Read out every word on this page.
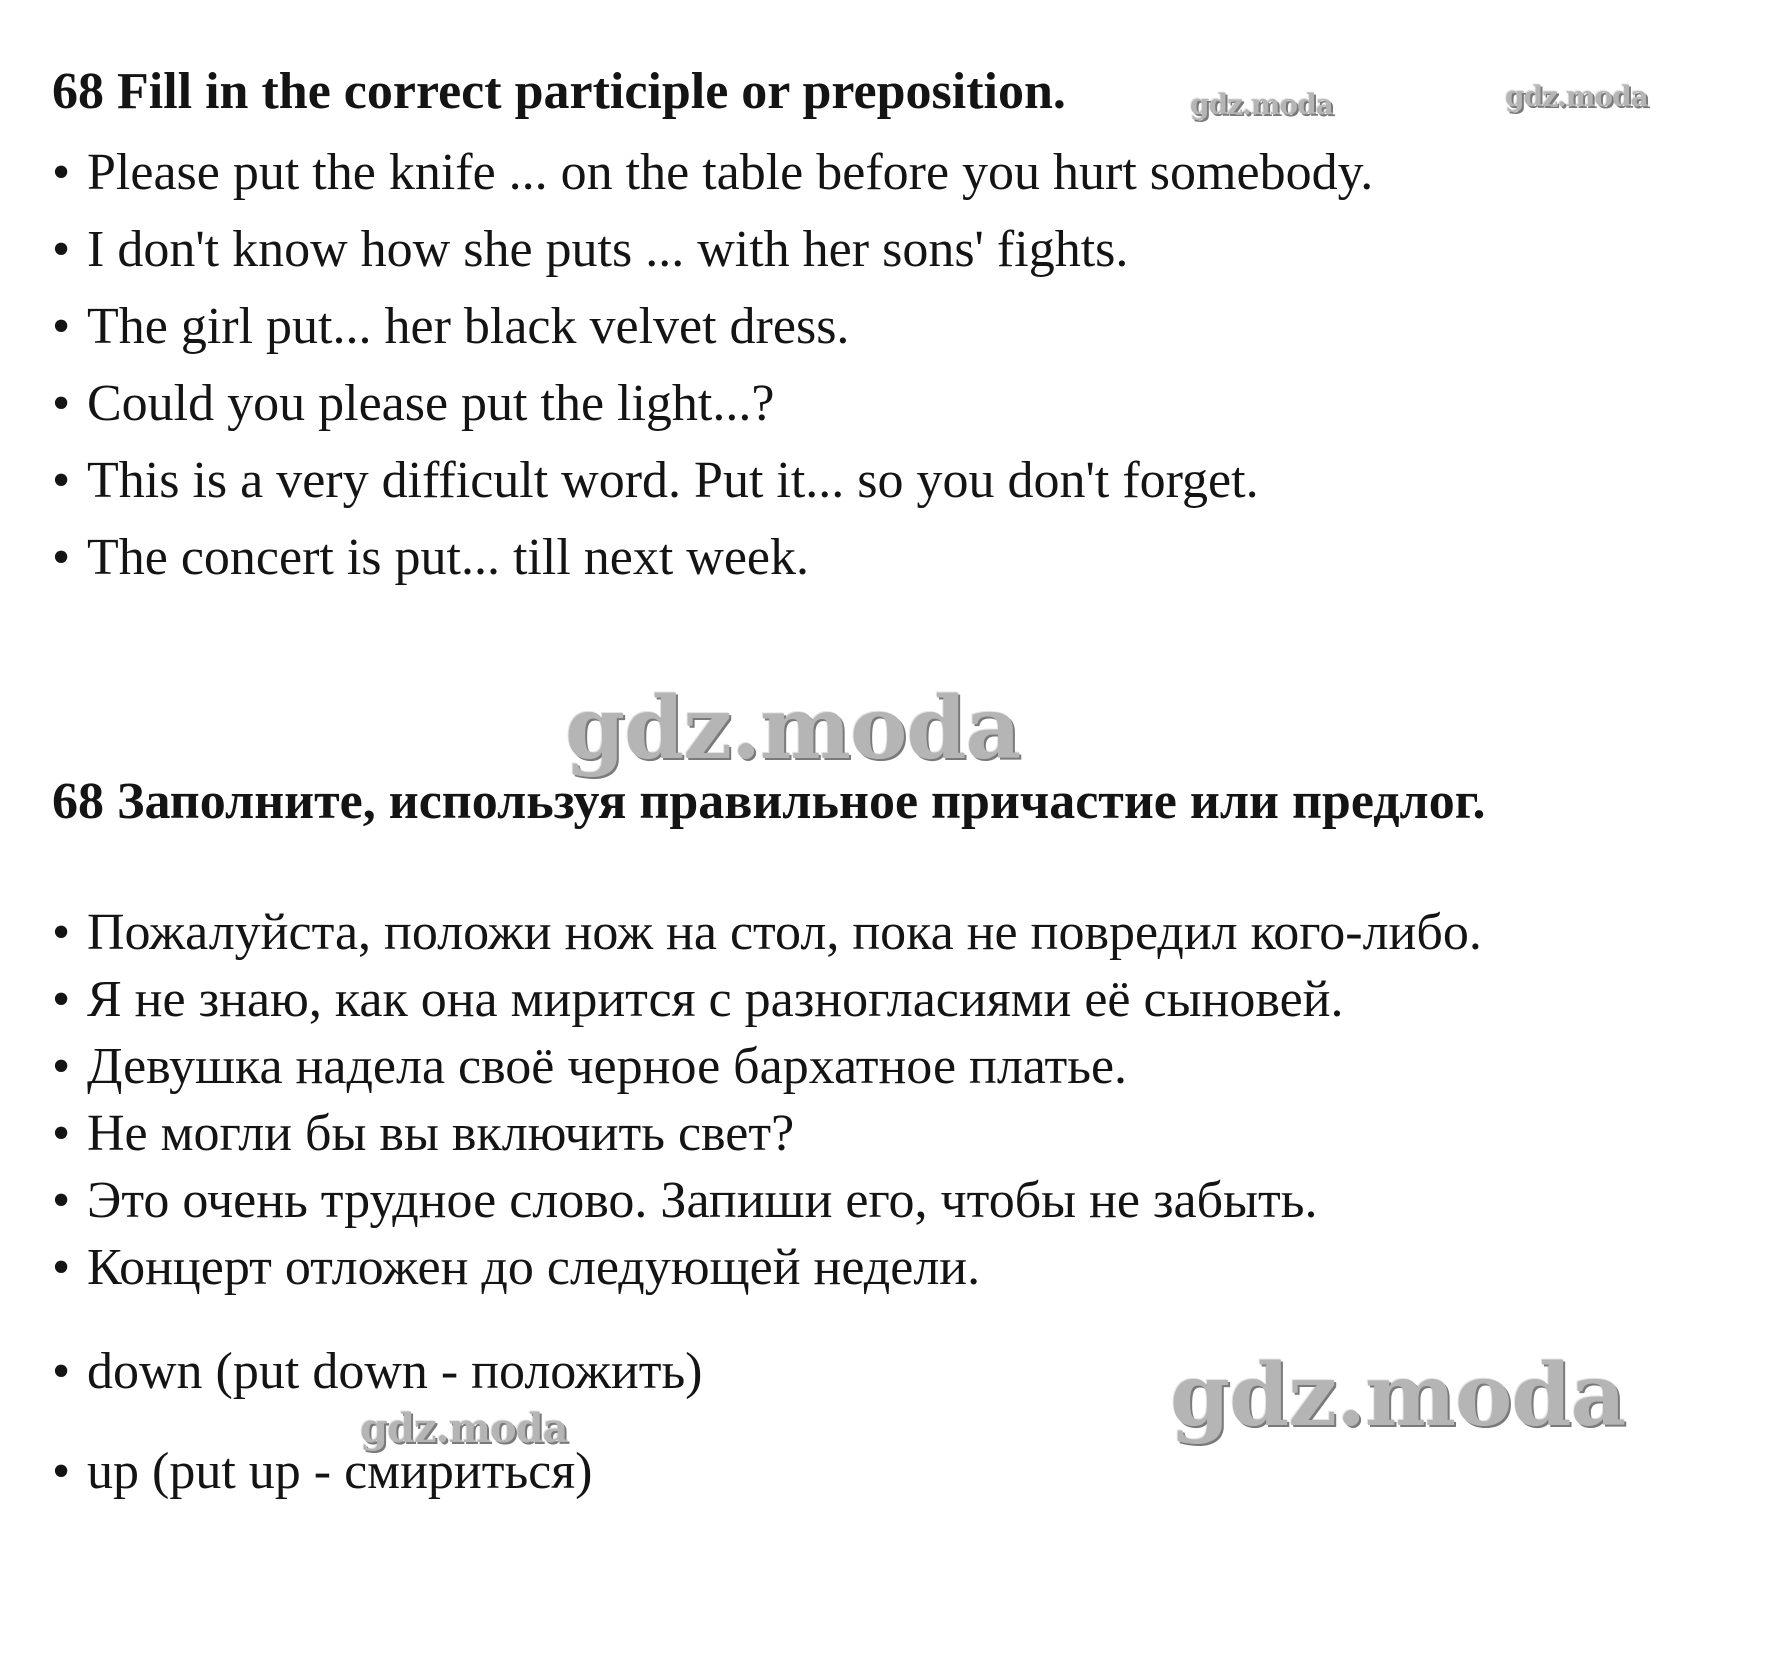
68 Fill in the correct participle or preposition.
• Please put the knife ... on the table before you hurt somebody.
• I don't know how she puts ... with her sons' fights.
• The girl put... her black velvet dress.
• Could you please put the light...?
• This is a very difficult word. Put it... so you don't forget.
• The concert is put... till next week.
68 Заполните, используя правильное причастие или предлог.
• Пожалуйста, положи нож на стол, пока не повредил кого-либо.
• Я не знаю, как она мирится с разногласиями её сыновей.
• Девушка надела своё черное бархатное платье.
• Не могли бы вы включить свет?
• Это очень трудное слово. Запиши его, чтобы не забыть.
• Концерт отложен до следующей недели.
• down (put down - положить)
• up (put up - смириться)
gdz.moda	gdz.moda
gdz.moda
gdz.moda
gdz.moda
